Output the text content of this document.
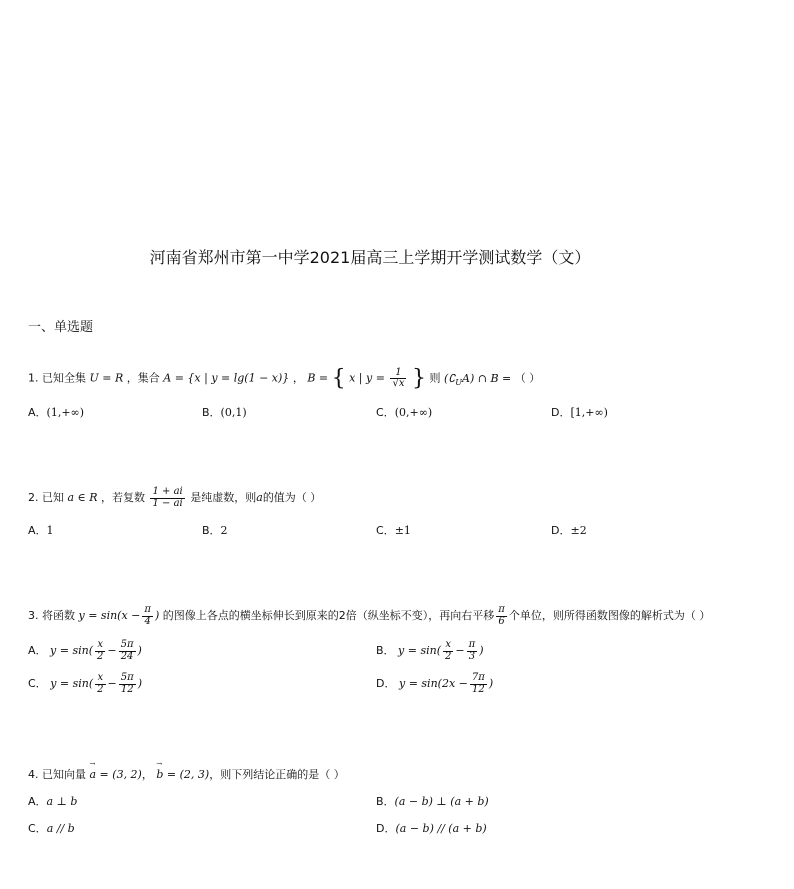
河南省郑州市第一中学2021届高三上学期开学测试数学（文）
一、单选题
1. 已知全集 U = R ，集合 A = {x | y = lg(1 − x)} ， B = { x | $y = \frac{1}{√x}$ } 则 $(∁_UA)$ ∩ B = （ ）
A．(1,+∞)	B．(0,1)	C．(0,+∞)	D．[1,+∞)
2. 已知 a ∈ R ，若复数 $\frac{1 + ai}{1 - ai}$ 是纯虚数，则a的值为（ ）
A．1	B．2	C．±1	D．±2
3. 将函数 $y = \sin(x - \frac{\pi}{4}$ ) 的图像上各点的横坐标伸长到原来的2倍（纵坐标不变），再向右平移 $\frac{\pi}{6}$ 个单位，则所得函数图像的解析式为（ ）
A． $y = \sin( \frac{x}{2} - \frac{5\pi}{24}$ )	B． $y = \sin( \frac{x}{2} - \frac{\pi}{3}$ )
C． $y = \sin( \frac{x}{2} - \frac{5\pi}{12}$ )	D． $y = \sin(2x - \frac{7\pi}{12}$ )
4. 已知向量 → a = (3, 2)， → b = (2, 3)，则下列结论正确的是（ ）
A．a ⊥ b	B．(a − b) ⊥ (a + b)
C．a // b	D．(a − b) // (a + b)
